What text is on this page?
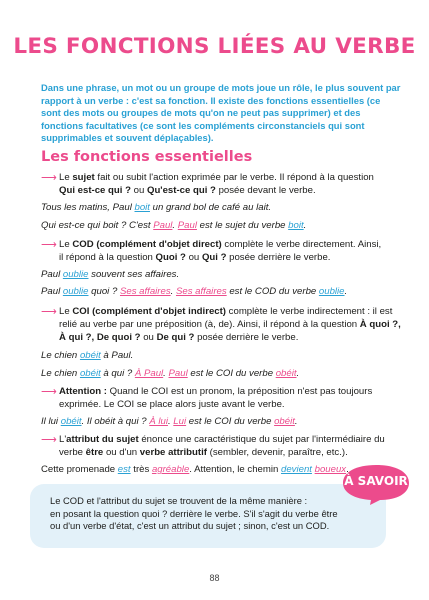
LES FONCTIONS LIÉES AU VERBE
Dans une phrase, un mot ou un groupe de mots joue un rôle, le plus souvent par rapport à un verbe : c'est sa fonction. Il existe des fonctions essentielles (ce sont des mots ou groupes de mots qu'on ne peut pas supprimer) et des fonctions facultatives (ce sont les compléments circonstanciels qui sont supprimables et souvent déplaçables).
Les fonctions essentielles
⟶ Le sujet fait ou subit l'action exprimée par le verbe. Il répond à la question
Qui est-ce qui ? ou Qu'est-ce qui ? posée devant le verbe.
Tous les matins, Paul boit un grand bol de café au lait.
Qui est-ce qui boit ? C'est Paul. Paul est le sujet du verbe boit.
⟶ Le COD (complément d'objet direct) complète le verbe directement. Ainsi,
il répond à la question Quoi ? ou Qui ? posée derrière le verbe.
Paul oublie souvent ses affaires.
Paul oublie quoi ? Ses affaires. Ses affaires est le COD du verbe oublie.
⟶ Le COI (complément d'objet indirect) complète le verbe indirectement : il est
relié au verbe par une préposition (à, de). Ainsi, il répond à la question À quoi ?,
À qui ?, De quoi ? ou De qui ? posée derrière le verbe.
Le chien obéit à Paul.
Le chien obéit à qui ? À Paul. Paul est le COI du verbe obéit.
⟶ Attention : Quand le COI est un pronom, la préposition n'est pas toujours
exprimée. Le COI se place alors juste avant le verbe.
Il lui obéit. Il obéit à qui ? À lui. Lui est le COI du verbe obéit.
⟶ L'attribut du sujet énonce une caractéristique du sujet par l'intermédiaire du
verbe être ou d'un verbe attributif (sembler, devenir, paraître, etc.).
Cette promenade est très agréable. Attention, le chemin devient boueux.
Le COD et l'attribut du sujet se trouvent de la même manière :
en posant la question quoi ? derrière le verbe. S'il s'agit du verbe être
ou d'un verbe d'état, c'est un attribut du sujet ; sinon, c'est un COD.
À SAVOIR
88
